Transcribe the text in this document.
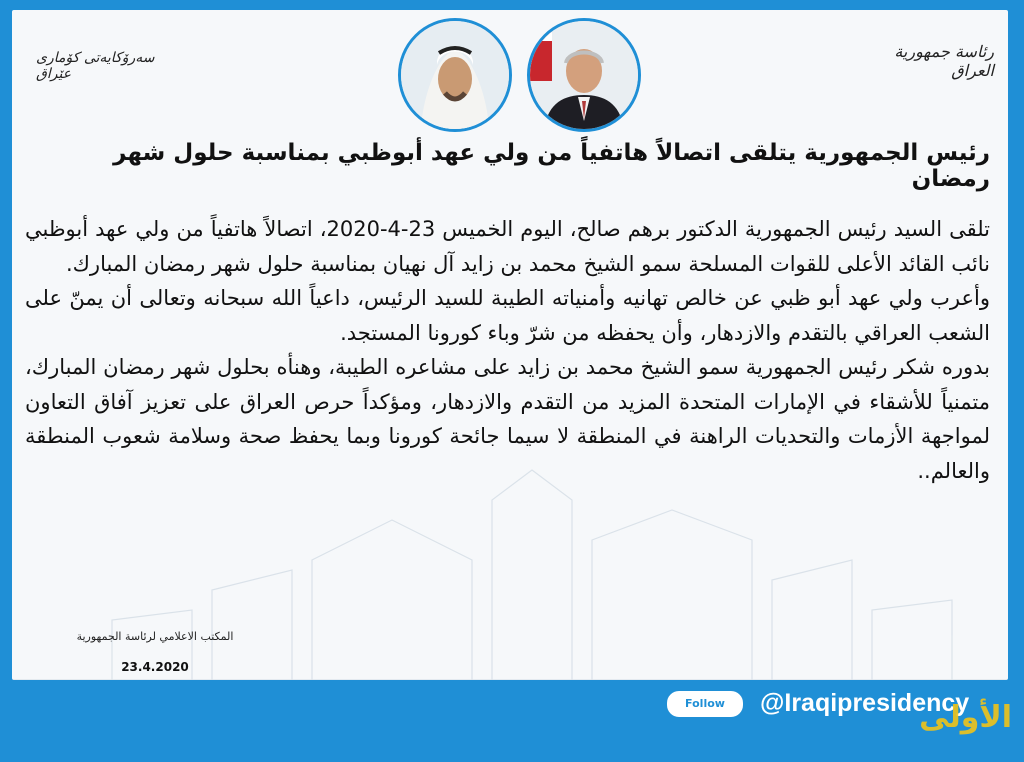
سەرۆکایەتی کۆماری عێراق
رئاسة جمهورية العراق
رئيس الجمهورية يتلقى اتصالاً هاتفياً من ولي عهد أبوظبي بمناسبة حلول شهر رمضان

تلقى السيد رئيس الجمهورية الدكتور برهم صالح، اليوم الخميس 23-4-2020، اتصالاً هاتفياً من ولي عهد أبوظبي نائب القائد الأعلى للقوات المسلحة سمو الشيخ محمد بن زايد آل نهيان بمناسبة حلول شهر رمضان المبارك.

وأعرب ولي عهد أبو ظبي عن خالص تهانيه وأمنياته الطيبة للسيد الرئيس، داعياً الله سبحانه وتعالى أن يمنّ على الشعب العراقي بالتقدم والازدهار، وأن يحفظه من شرّ وباء كورونا المستجد.

بدوره شكر رئيس الجمهورية سمو الشيخ محمد بن زايد على مشاعره الطيبة، وهنأه بحلول شهر رمضان المبارك، متمنياً للأشقاء في الإمارات المتحدة المزيد من التقدم والازدهار، ومؤكداً حرص العراق على تعزيز آفاق التعاون لمواجهة الأزمات والتحديات الراهنة في المنطقة لا سيما جائحة كورونا وبما يحفظ صحة وسلامة شعوب المنطقة والعالم..

المكتب الاعلامي لرئاسة الجمهورية
23.4.2020
Follow	@Iraqipresidency
الأولى
